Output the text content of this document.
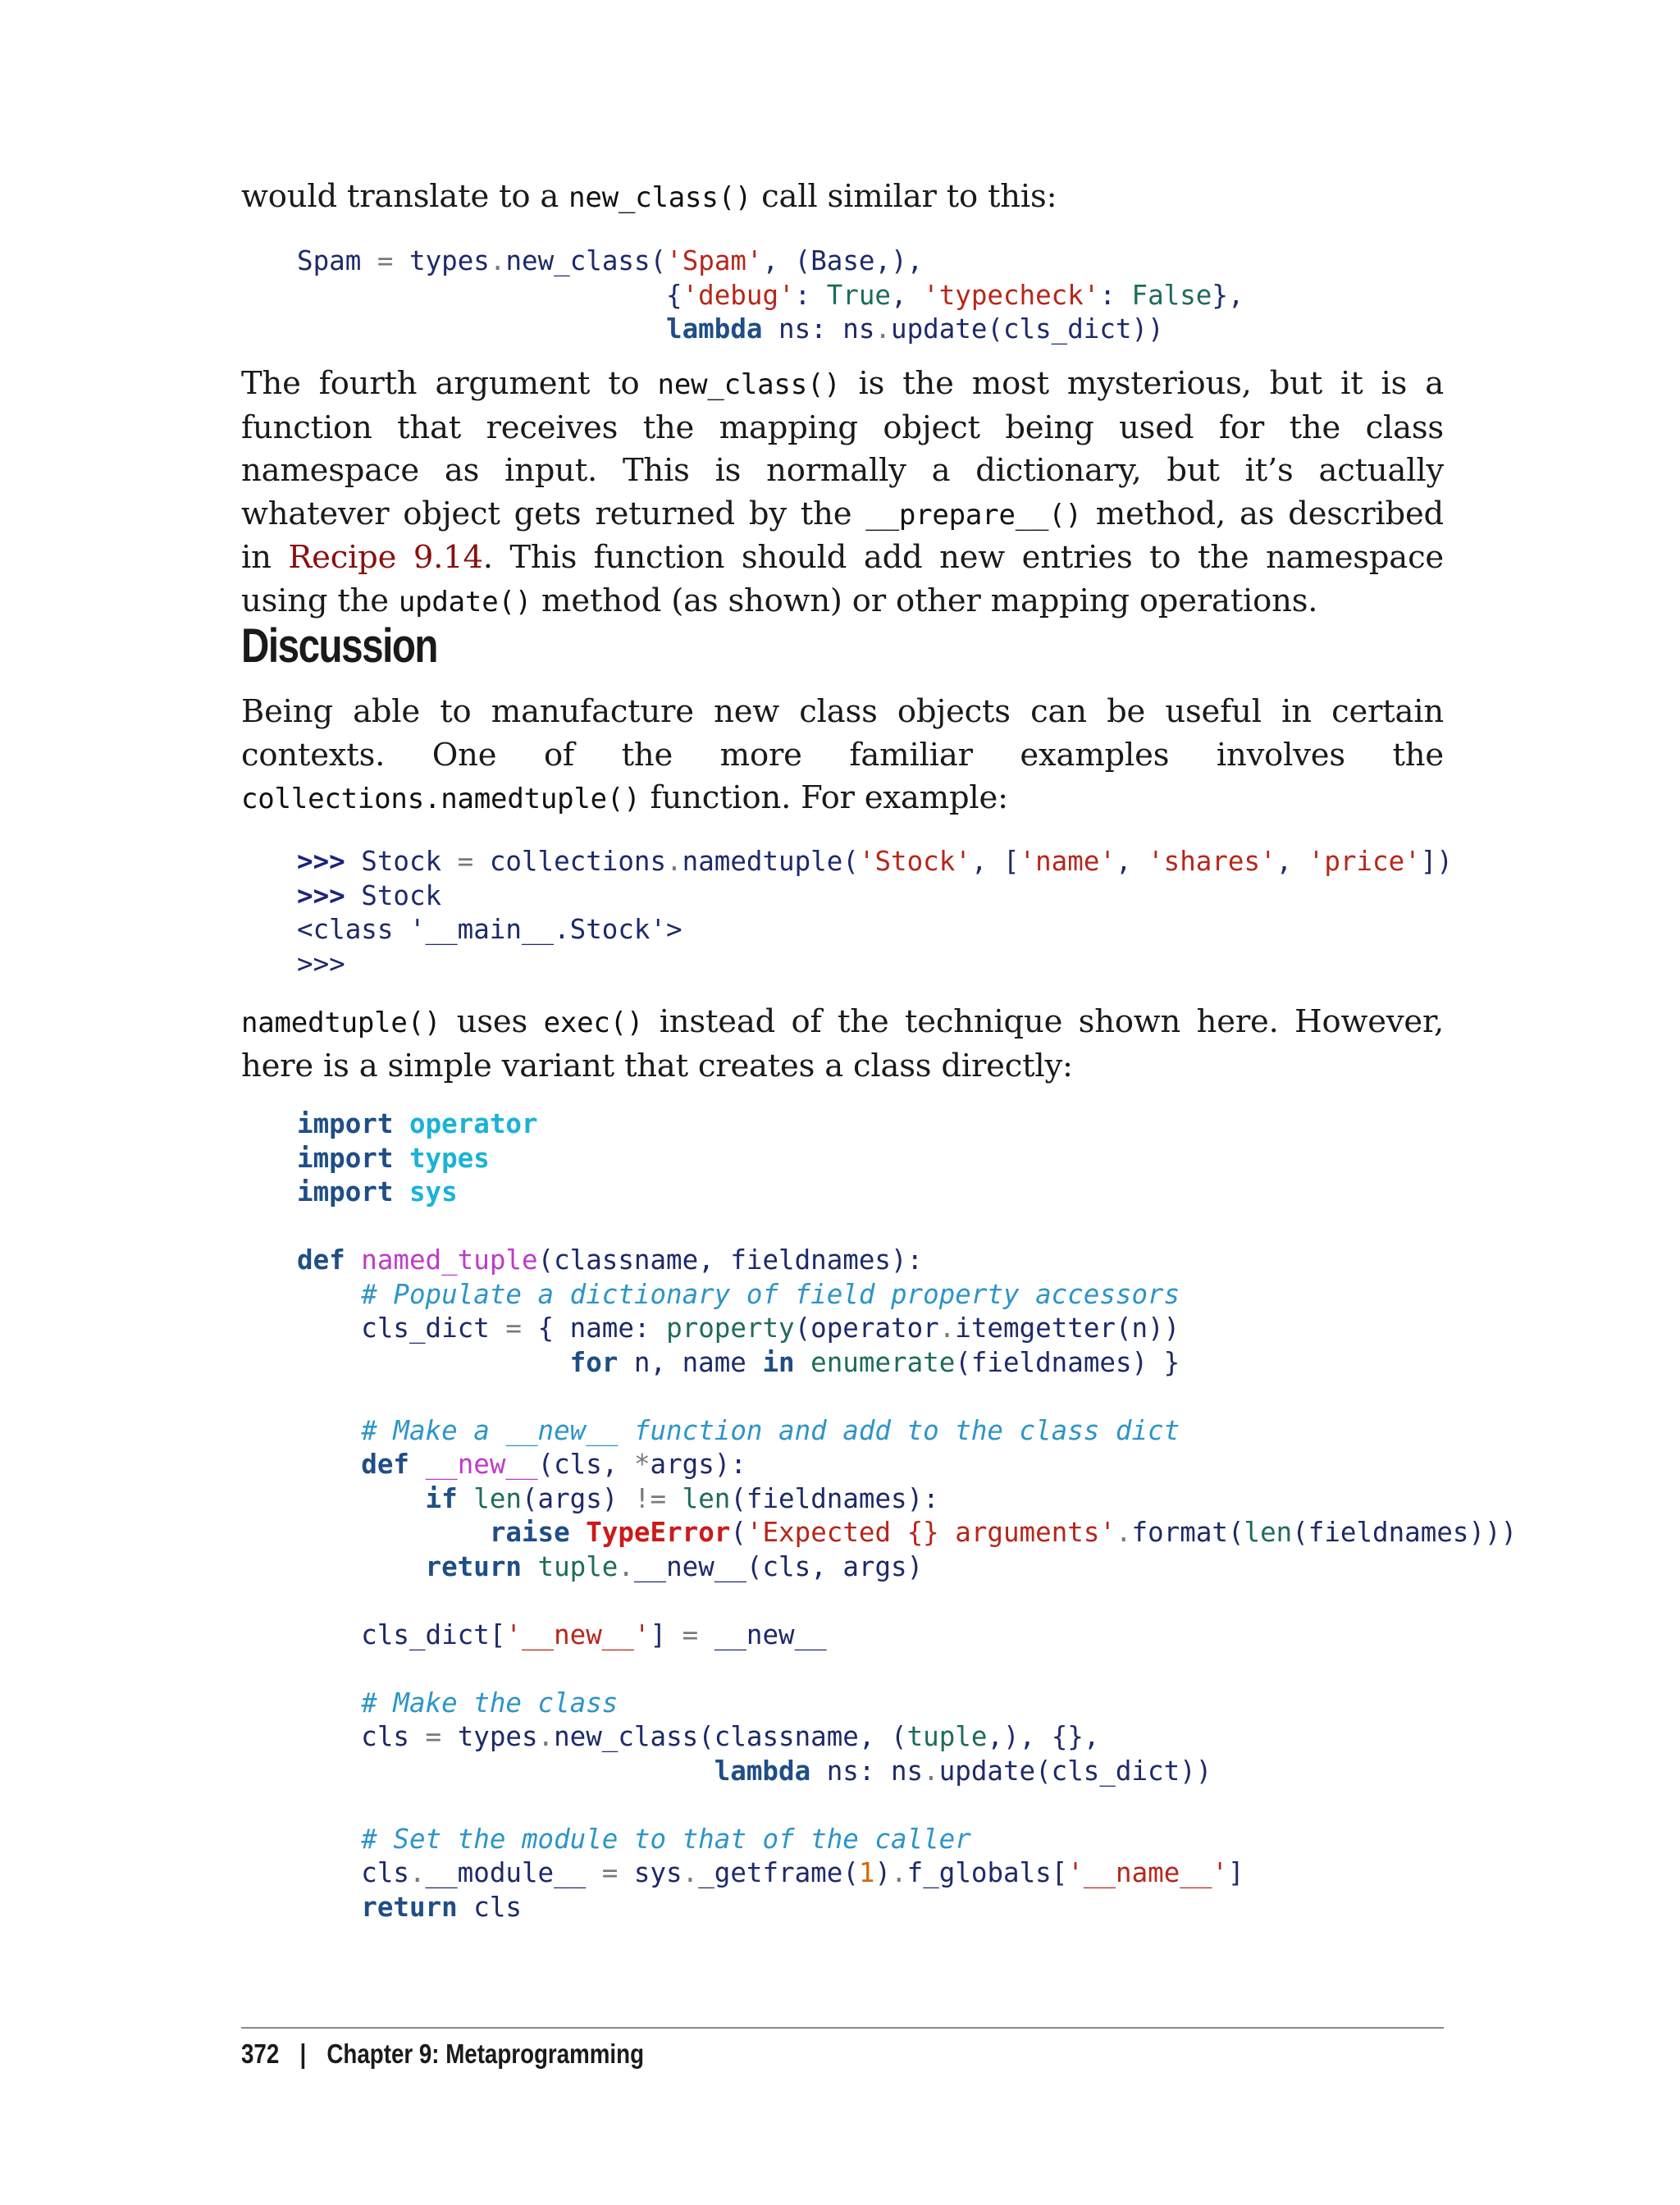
would translate to a new_class() call similar to this:

Spam = types.new_class('Spam', (Base,),
{'debug': True, 'typecheck': False},
lambda ns: ns.update(cls_dict))

The fourth argument to new_class() is the most mysterious, but it is a function that receives the mapping object being used for the class namespace as input. This is normally a dictionary, but it’s actually whatever object gets returned by the __prepare__() method, as described in Recipe 9.14. This function should add new entries to the namespace using the update() method (as shown) or other mapping operations.

Discussion

Being able to manufacture new class objects can be useful in certain contexts. One of the more familiar examples involves the collections.namedtuple() function. For example:

>>> Stock = collections.namedtuple('Stock', ['name', 'shares', 'price'])
>>> Stock
<class '__main__.Stock'>
>>>

namedtuple() uses exec() instead of the technique shown here. However, here is a simple variant that creates a class directly:

import operator
import types
import sys

def named_tuple(classname, fieldnames):
# Populate a dictionary of field property accessors
cls_dict = { name: property(operator.itemgetter(n))
for n, name in enumerate(fieldnames) }

# Make a __new__ function and add to the class dict
def __new__(cls, *args):
if len(args) != len(fieldnames):
raise TypeError('Expected {} arguments'.format(len(fieldnames)))
return tuple.__new__(cls, args)

cls_dict['__new__'] = __new__

# Make the class
cls = types.new_class(classname, (tuple,), {},
lambda ns: ns.update(cls_dict))

# Set the module to that of the caller
cls.__module__ = sys._getframe(1).f_globals['__name__']
return cls
372 | Chapter 9: Metaprogramming
